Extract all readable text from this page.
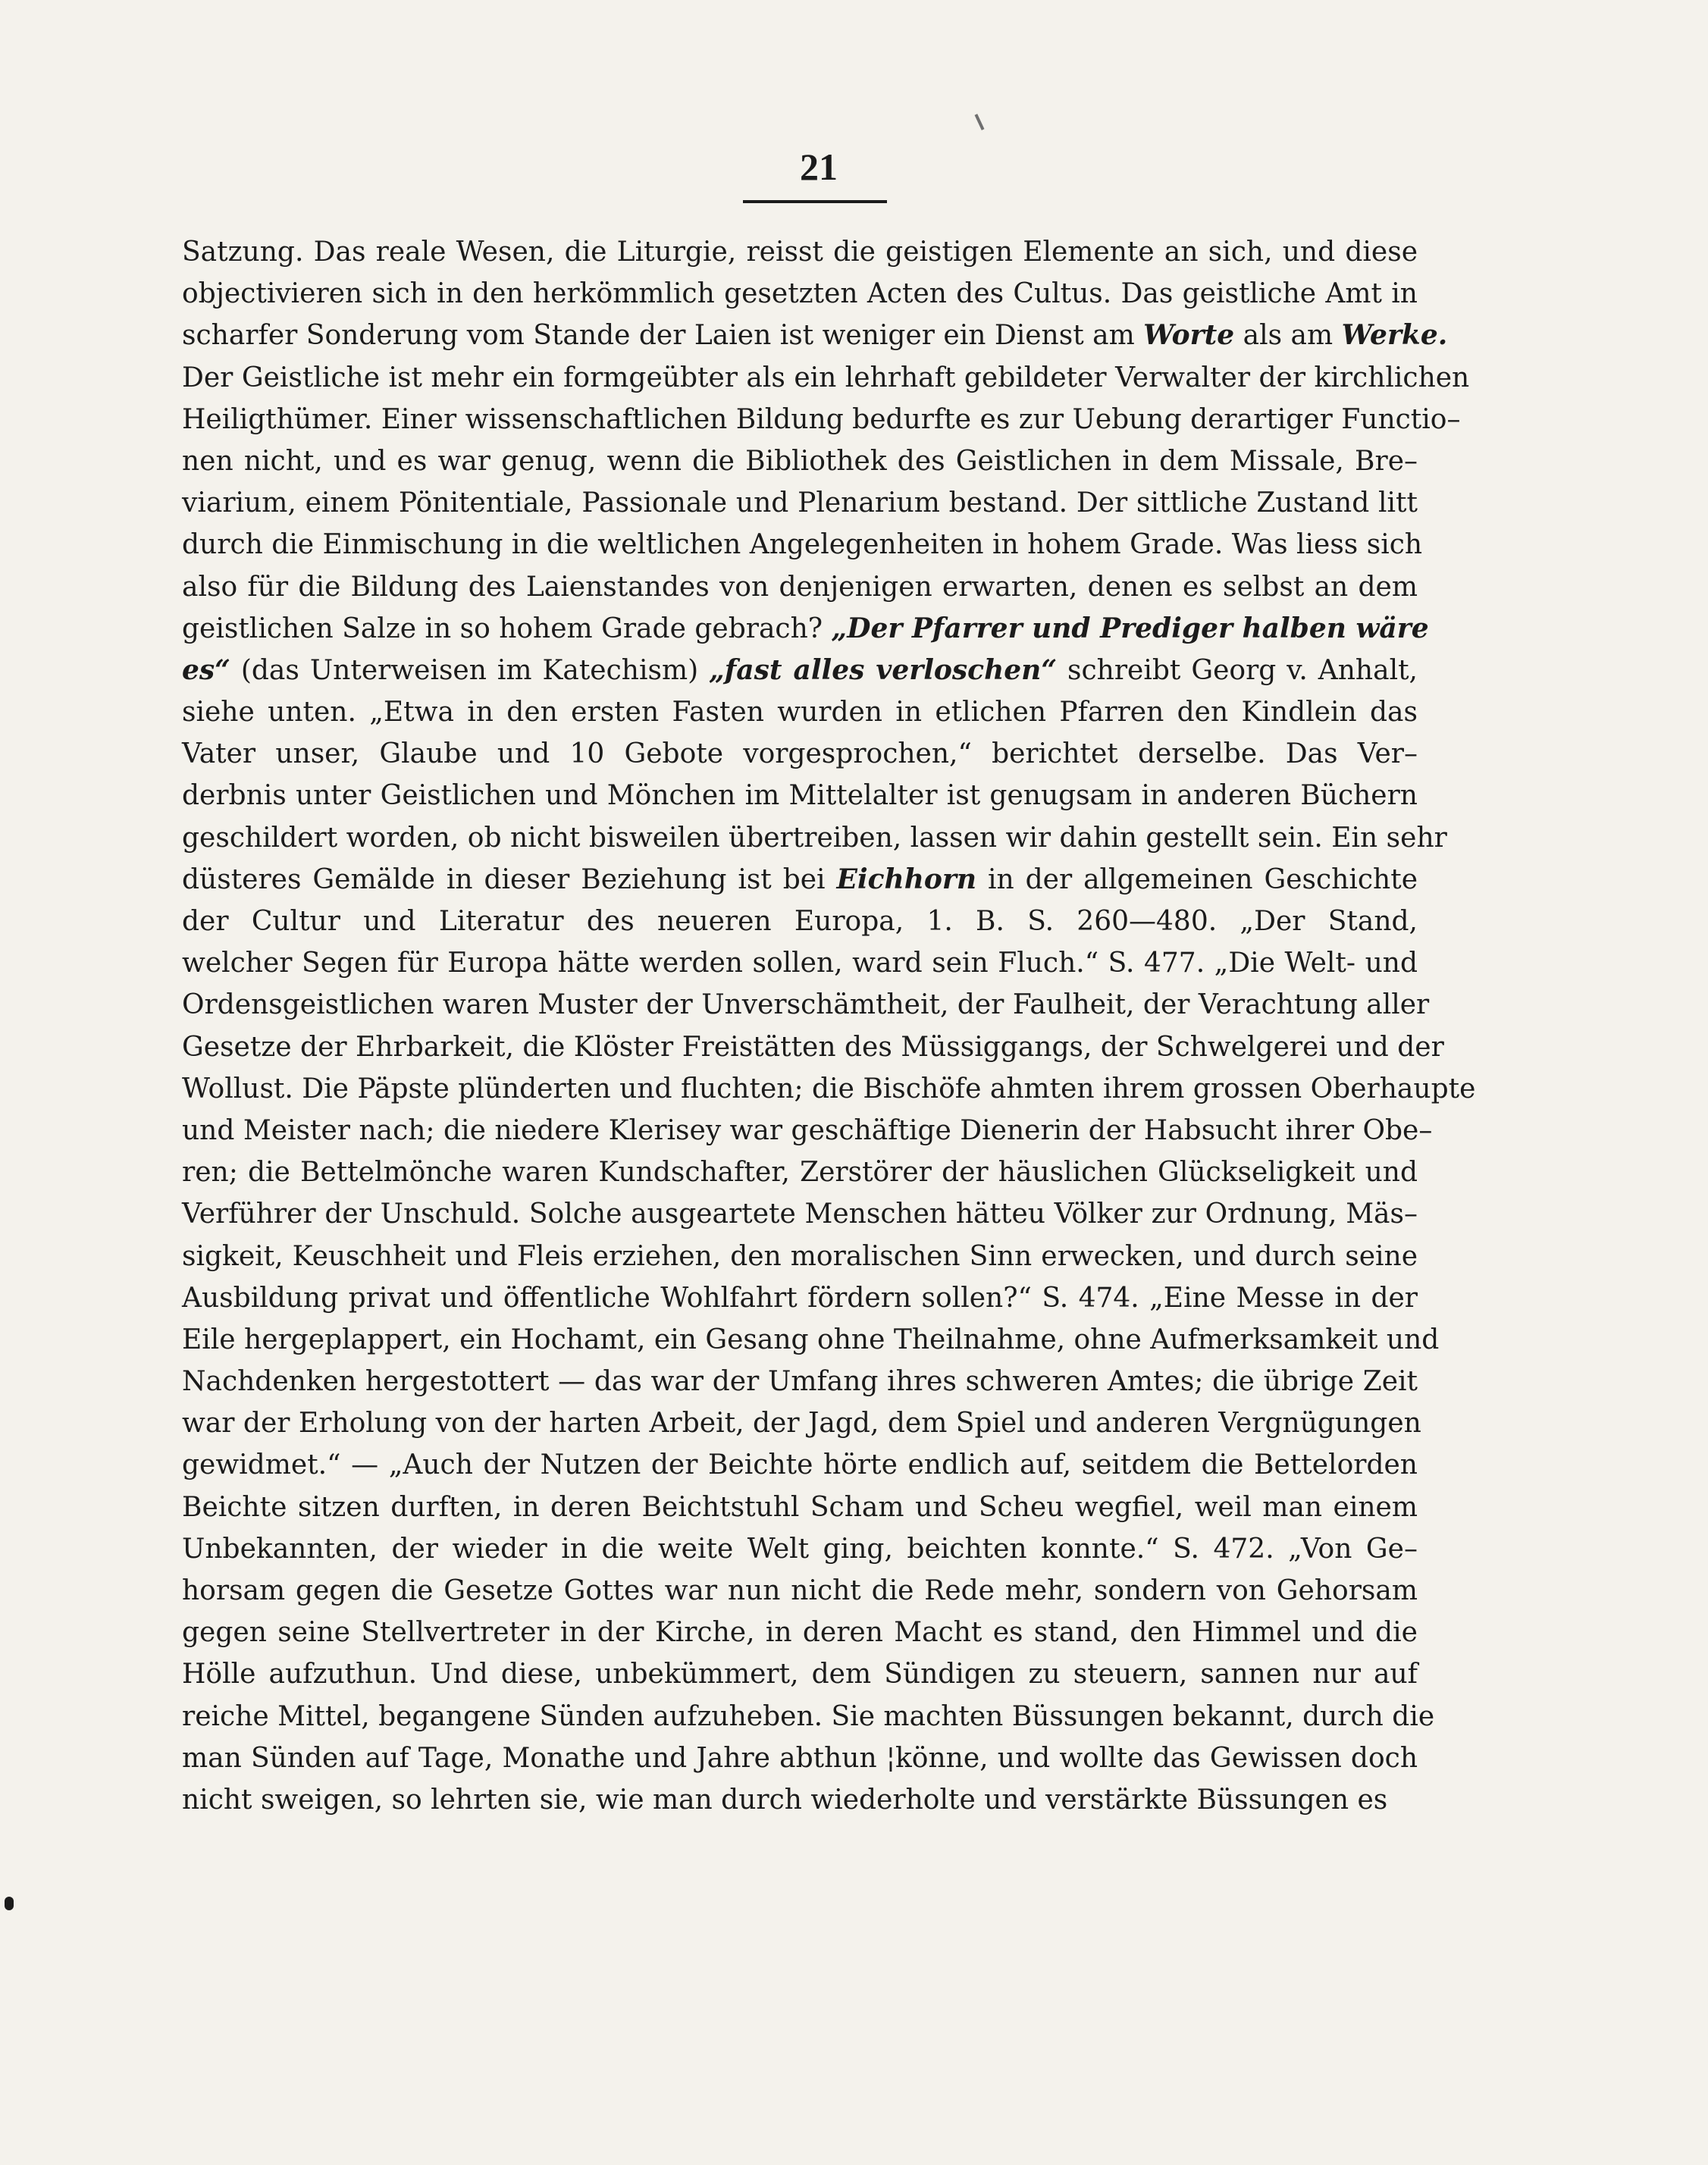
21
Satzung. Das reale Wesen, die Liturgie, reisst die geistigen Elemente an sich, und diese
objectivieren sich in den herkömmlich gesetzten Acten des Cultus. Das geistliche Amt in
scharfer Sonderung vom Stande der Laien ist weniger ein Dienst am Worte als am Werke.
Der Geistliche ist mehr ein formgeübter als ein lehrhaft gebildeter Verwalter der kirchlichen
Heiligthümer. Einer wissenschaftlichen Bildung bedurfte es zur Uebung derartiger Functio–
nen nicht, und es war genug, wenn die Bibliothek des Geistlichen in dem Missale, Bre–
viarium, einem Pönitentiale, Passionale und Plenarium bestand. Der sittliche Zustand litt
durch die Einmischung in die weltlichen Angelegenheiten in hohem Grade. Was liess sich
also für die Bildung des Laienstandes von denjenigen erwarten, denen es selbst an dem
geistlichen Salze in so hohem Grade gebrach? „Der Pfarrer und Prediger halben wäre
es“ (das Unterweisen im Katechism) „fast alles verloschen“ schreibt Georg v. Anhalt,
siehe unten. „Etwa in den ersten Fasten wurden in etlichen Pfarren den Kindlein das
Vater unser, Glaube und 10 Gebote vorgesprochen,“ berichtet derselbe. Das Ver–
derbnis unter Geistlichen und Mönchen im Mittelalter ist genugsam in anderen Büchern
geschildert worden, ob nicht bisweilen übertreiben, lassen wir dahin gestellt sein. Ein sehr
düsteres Gemälde in dieser Beziehung ist bei Eichhorn in der allgemeinen Geschichte
der Cultur und Literatur des neueren Europa, 1. B. S. 260—480. „Der Stand,
welcher Segen für Europa hätte werden sollen, ward sein Fluch.“ S. 477. „Die Welt- und
Ordensgeistlichen waren Muster der Unverschämtheit, der Faulheit, der Verachtung aller
Gesetze der Ehrbarkeit, die Klöster Freistätten des Müssiggangs, der Schwelgerei und der
Wollust. Die Päpste plünderten und fluchten; die Bischöfe ahmten ihrem grossen Oberhaupte
und Meister nach; die niedere Klerisey war geschäftige Dienerin der Habsucht ihrer Obe–
ren; die Bettelmönche waren Kundschafter, Zerstörer der häuslichen Glückseligkeit und
Verführer der Unschuld. Solche ausgeartete Menschen hätteu Völker zur Ordnung, Mäs–
sigkeit, Keuschheit und Fleis erziehen, den moralischen Sinn erwecken, und durch seine
Ausbildung privat und öffentliche Wohlfahrt fördern sollen?“ S. 474. „Eine Messe in der
Eile hergeplappert, ein Hochamt, ein Gesang ohne Theilnahme, ohne Aufmerksamkeit und
Nachdenken hergestottert — das war der Umfang ihres schweren Amtes; die übrige Zeit
war der Erholung von der harten Arbeit, der Jagd, dem Spiel und anderen Vergnügungen
gewidmet.“ — „Auch der Nutzen der Beichte hörte endlich auf, seitdem die Bettelorden
Beichte sitzen durften, in deren Beichtstuhl Scham und Scheu wegfiel, weil man einem
Unbekannten, der wieder in die weite Welt ging, beichten konnte.“ S. 472. „Von Ge–
horsam gegen die Gesetze Gottes war nun nicht die Rede mehr, sondern von Gehorsam
gegen seine Stellvertreter in der Kirche, in deren Macht es stand, den Himmel und die
Hölle aufzuthun. Und diese, unbekümmert, dem Sündigen zu steuern, sannen nur auf
reiche Mittel, begangene Sünden aufzuheben. Sie machten Büssungen bekannt, durch die
man Sünden auf Tage, Monathe und Jahre abthun ¦könne, und wollte das Gewissen doch
nicht sweigen, so lehrten sie, wie man durch wiederholte und verstärkte Büssungen es
